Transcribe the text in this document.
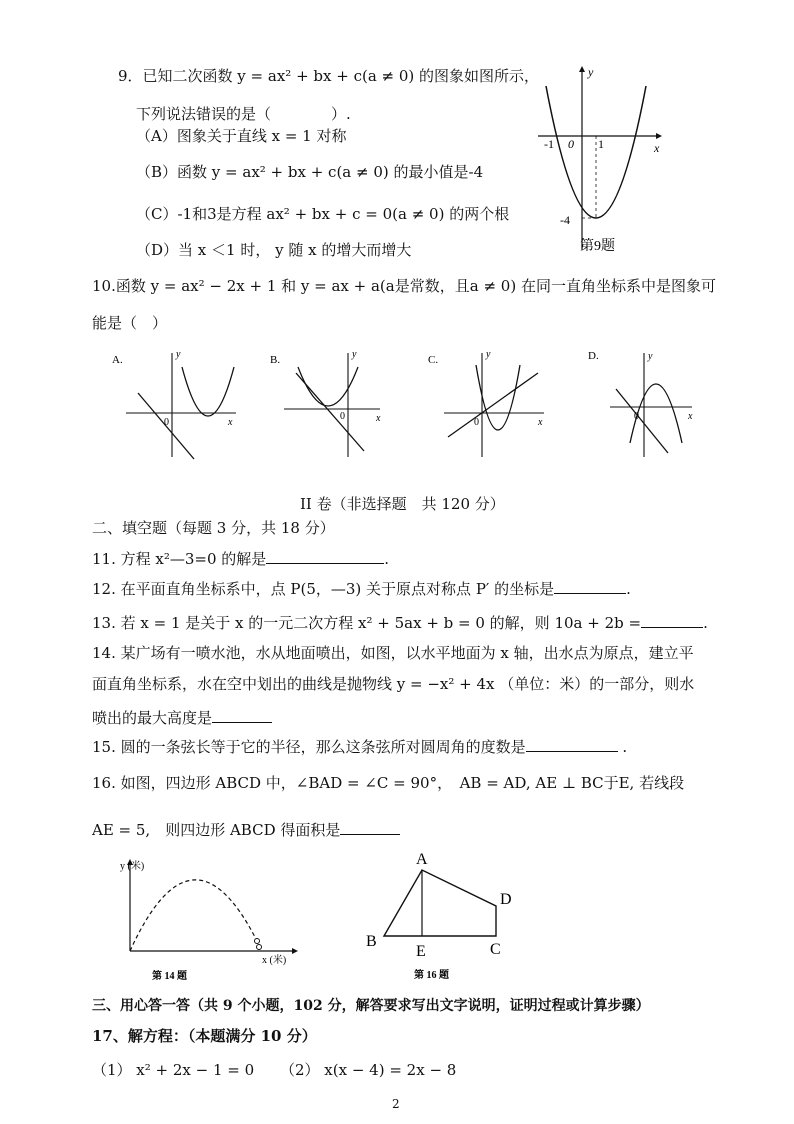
9．已知二次函数 y = ax² + bx + c(a ≠ 0) 的图象如图所示，
下列说法错误的是（　　　　）.
（A）图象关于直线 x = 1 对称
（B）函数 y = ax² + bx + c(a ≠ 0) 的最小值是-4
（C）-1和3是方程 ax² + bx + c = 0(a ≠ 0) 的两个根
（D）当 x ＜1 时， y 随 x 的增大而增大
y
x
-1 0 1
-4
第9题
10.函数 y = ax² − 2x + 1 和 y = ax + a(a是常数，且a ≠ 0) 在同一直角坐标系中是图象可
能是（　）
A.	y
x
0
B.	y
x
0
C.	y
x
0
D.	y
x
0
II 卷（非选择题　共 120 分）
二、填空题（每题 3 分，共 18 分）
11. 方程 x²—3=0 的解是	.
12. 在平面直角坐标系中，点 P(5，—3) 关于原点对称点 P′ 的坐标是	.
13. 若 x = 1 是关于 x 的一元二次方程 x² + 5ax + b = 0 的解，则 10a + 2b =	.
14. 某广场有一喷水池，水从地面喷出，如图，以水平地面为 x 轴，出水点为原点，建立平
面直角坐标系，水在空中划出的曲线是抛物线 y = −x² + 4x （单位：米）的一部分，则水
喷出的最大高度是
15. 圆的一条弦长等于它的半径，那么这条弦所对圆周角的度数是	.
16. 如图，四边形 ABCD 中，∠BAD = ∠C = 90°，　AB = AD, AE ⊥ BC于E, 若线段
AE = 5,　则四边形 ABCD 得面积是
y (米)
x (米)
第 14 题
A
B
D
C
E
第 16 题
三、用心答一答（共 9 个小题，102 分，解答要求写出文字说明，证明过程或计算步骤）
17、解方程：（本题满分 10 分）
（1） x² + 2x − 1 = 0 （2） x(x − 4) = 2x − 8
2
